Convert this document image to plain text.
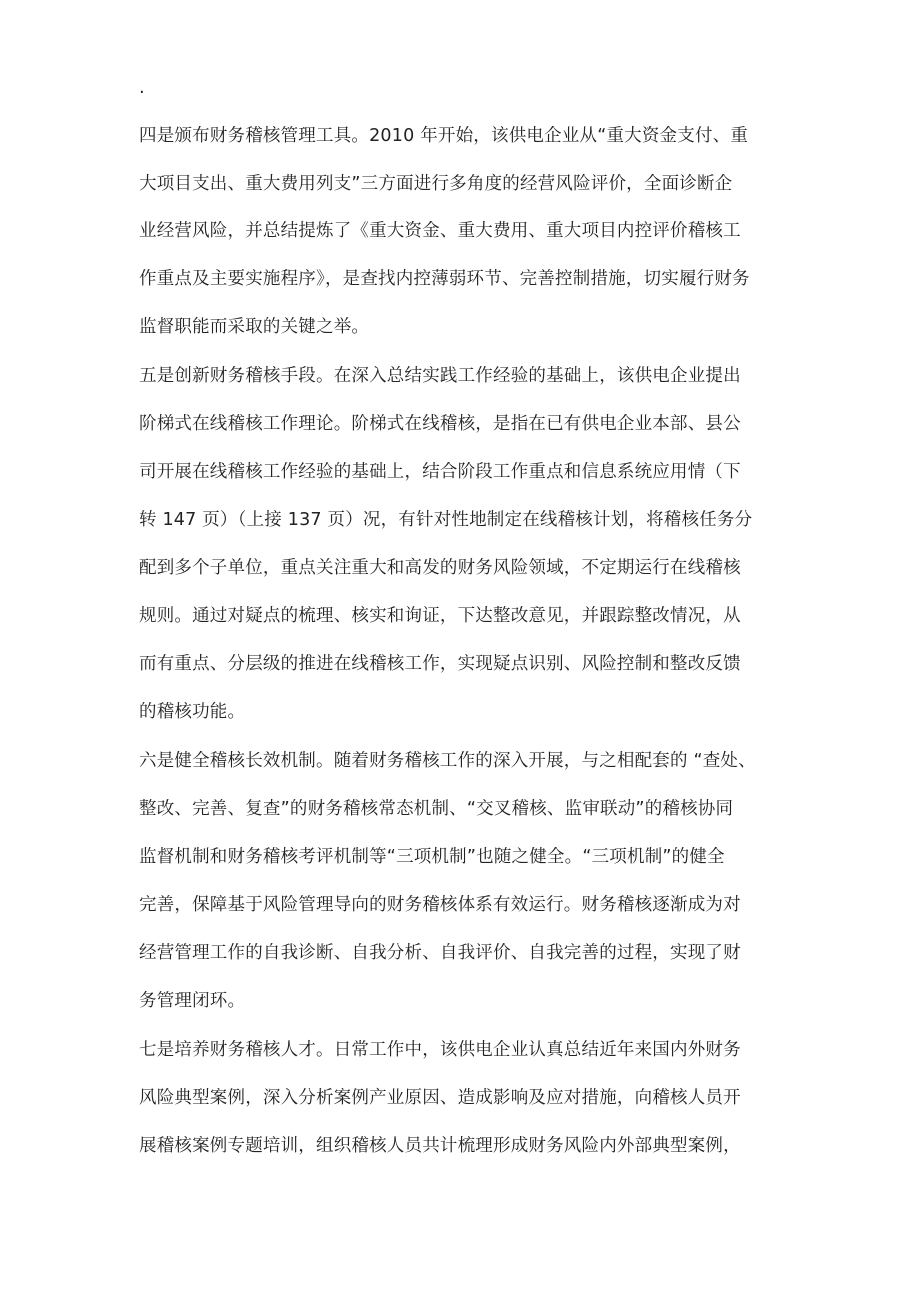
.
四是颁布财务稽核管理工具。2010 年开始，该供电企业从“重大资金支付、重
大项目支出、重大费用列支”三方面进行多角度的经营风险评价，全面诊断企
业经营风险，并总结提炼了《重大资金、重大费用、重大项目内控评价稽核工
作重点及主要实施程序》，是查找内控薄弱环节、完善控制措施，切实履行财务
监督职能而采取的关键之举。
五是创新财务稽核手段。在深入总结实践工作经验的基础上，该供电企业提出
阶梯式在线稽核工作理论。阶梯式在线稽核，是指在已有供电企业本部、县公
司开展在线稽核工作经验的基础上，结合阶段工作重点和信息系统应用情（下
转 147 页）（上接 137 页）况，有针对性地制定在线稽核计划，将稽核任务分
配到多个子单位，重点关注重大和高发的财务风险领域，不定期运行在线稽核
规则。通过对疑点的梳理、核实和询证，下达整改意见，并跟踪整改情况，从
而有重点、分层级的推进在线稽核工作，实现疑点识别、风险控制和整改反馈
的稽核功能。
六是健全稽核长效机制。随着财务稽核工作的深入开展，与之相配套的 “查处、
整改、完善、复查”的财务稽核常态机制、“交叉稽核、监审联动”的稽核协同
监督机制和财务稽核考评机制等“三项机制”也随之健全。“三项机制”的健全
完善，保障基于风险管理导向的财务稽核体系有效运行。财务稽核逐渐成为对
经营管理工作的自我诊断、自我分析、自我评价、自我完善的过程，实现了财
务管理闭环。
七是培养财务稽核人才。日常工作中，该供电企业认真总结近年来国内外财务
风险典型案例，深入分析案例产业原因、造成影响及应对措施，向稽核人员开
展稽核案例专题培训，组织稽核人员共计梳理形成财务风险内外部典型案例，
